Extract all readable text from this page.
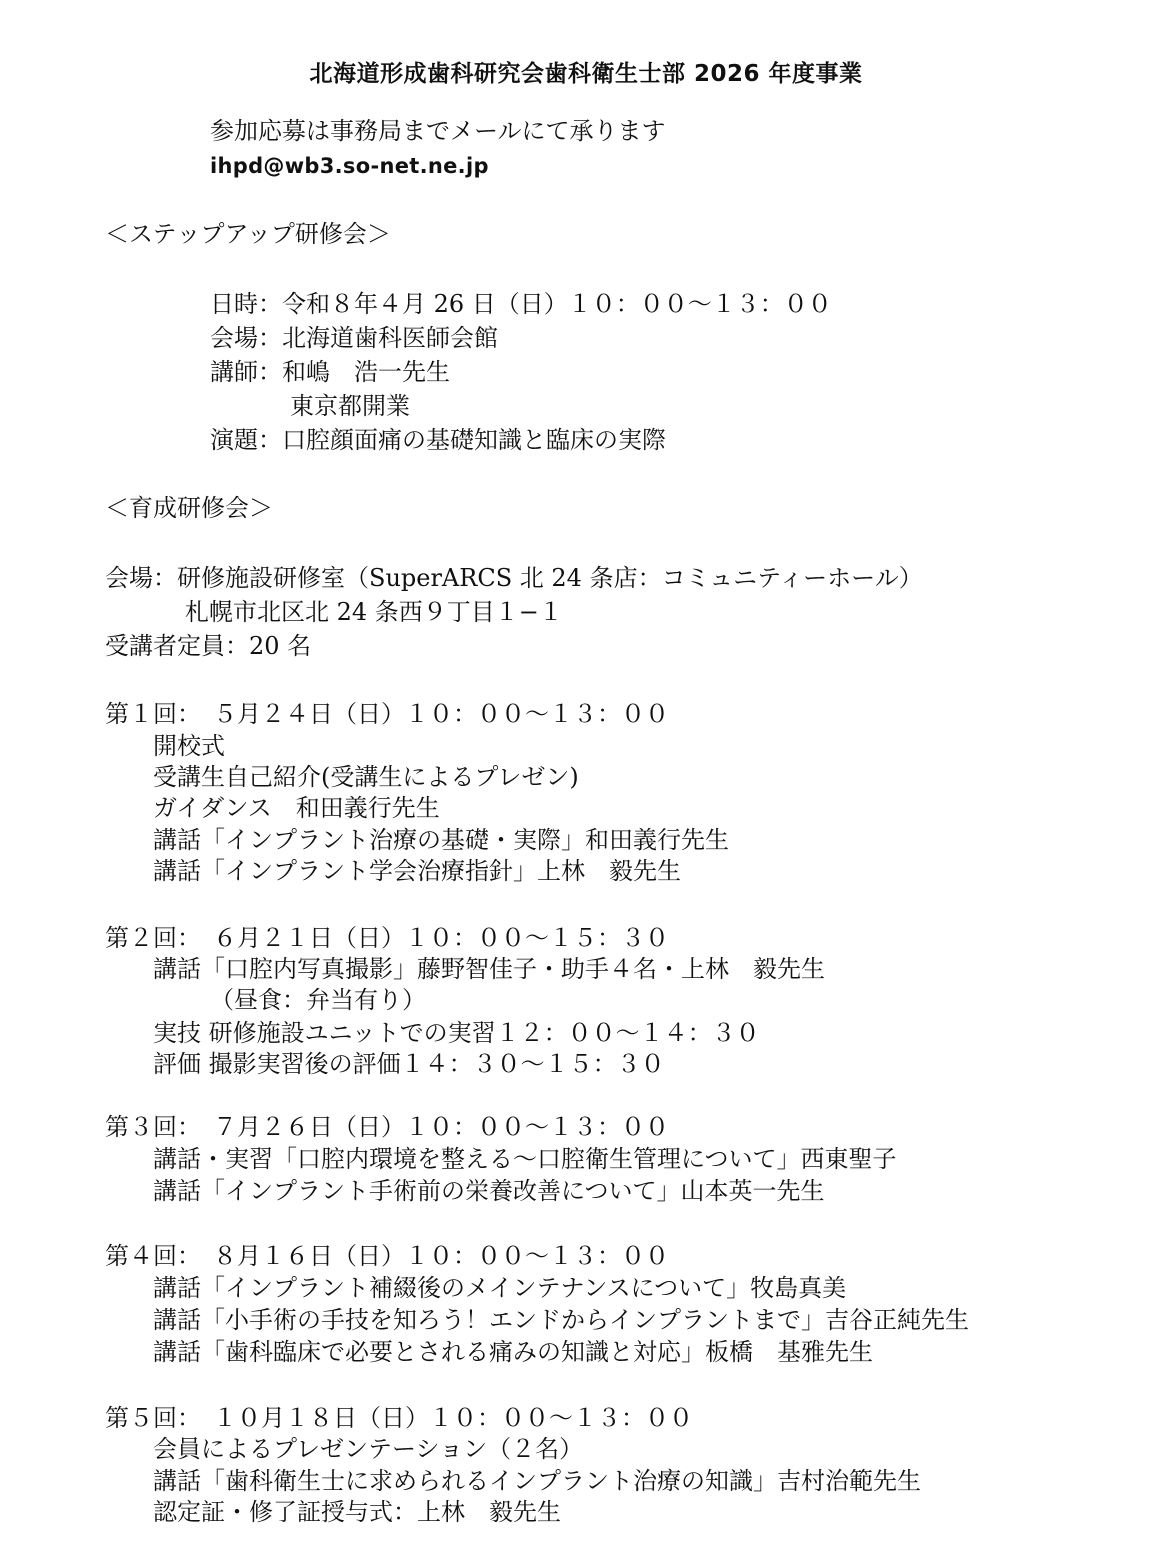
北海道形成歯科研究会歯科衛生士部 2026 年度事業
参加応募は事務局までメールにて承ります
ihpd@wb3.so-net.ne.jp
＜ステップアップ研修会＞
日時：令和８年４月 26 日（日）１０：００～１３：００
会場：北海道歯科医師会館
講師：和嶋　浩一先生
東京都開業
演題：口腔顔面痛の基礎知識と臨床の実際
＜育成研修会＞
会場：研修施設研修室（SuperARCS 北 24 条店：コミュニティーホール）
札幌市北区北 24 条西９丁目１−１
受講者定員：20 名
第１回：　５月２４日（日）１０：００～１３：００
開校式
受講生自己紹介(受講生によるプレゼン)
ガイダンス　和田義行先生
講話「インプラント治療の基礎・実際」和田義行先生
講話「インプラント学会治療指針」上林　毅先生
第２回：　６月２１日（日）１０：００～１５：３０
講話「口腔内写真撮影」藤野智佳子・助手４名・上林　毅先生
（昼食：弁当有り）
実技 研修施設ユニットでの実習１２：００～１４：３０
評価 撮影実習後の評価１４：３０～１５：３０
第３回：　７月２６日（日）１０：００～１３：００
講話・実習「口腔内環境を整える～口腔衛生管理について」西東聖子
講話「インプラント手術前の栄養改善について」山本英一先生
第４回：　８月１６日（日）１０：００～１３：００
講話「インプラント補綴後のメインテナンスについて」牧島真美
講話「小手術の手技を知ろう！エンドからインプラントまで」吉谷正純先生
講話「歯科臨床で必要とされる痛みの知識と対応」板橋　基雅先生
第５回：　１０月１８日（日）１０：００～１３：００
会員によるプレゼンテーション（２名）
講話「歯科衛生士に求められるインプラント治療の知識」吉村治範先生
認定証・修了証授与式：上林　毅先生
